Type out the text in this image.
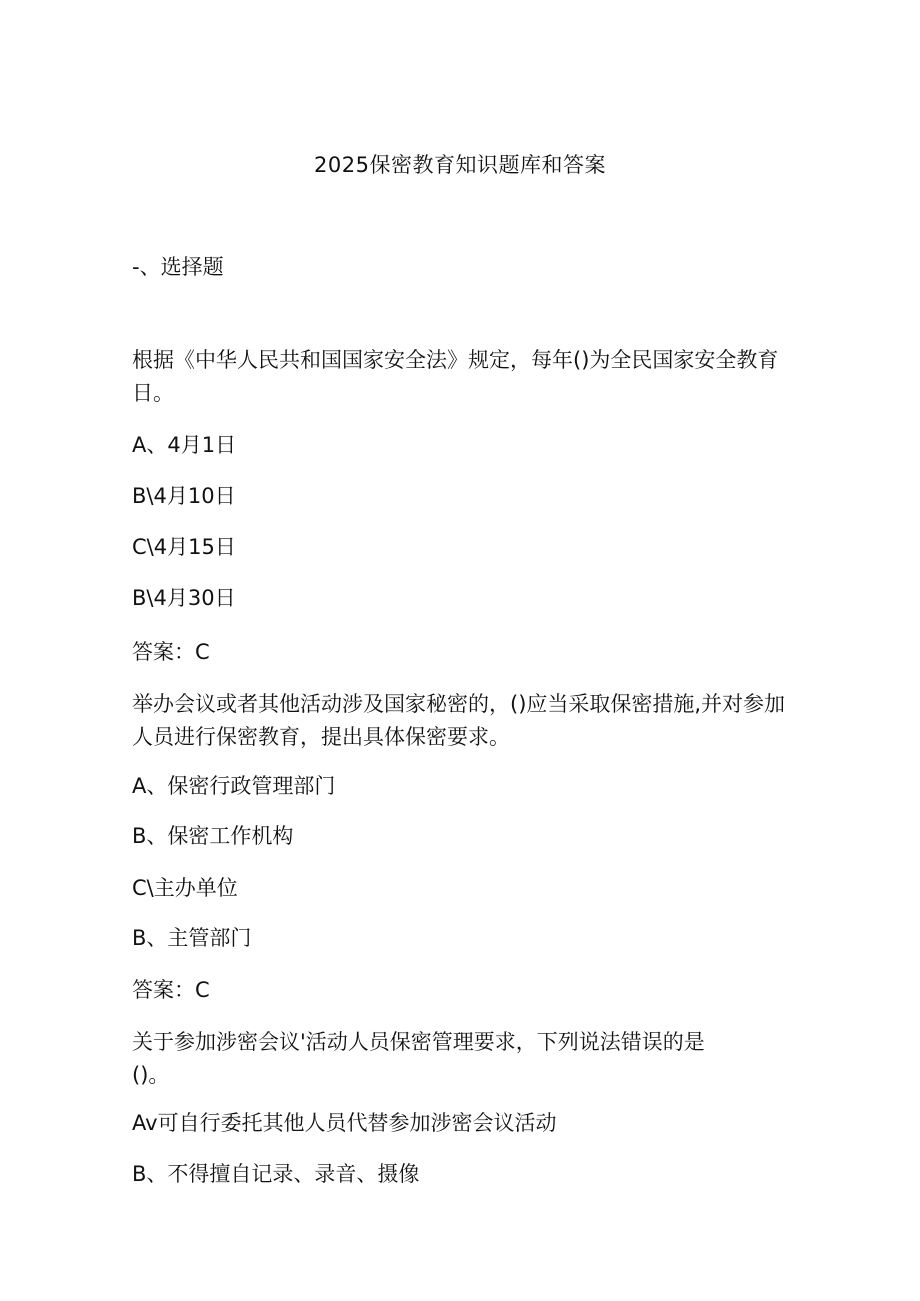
2025保密教育知识题库和答案
-、选择题
根据《中华人民共和国国家安全法》规定，每年()为全民国家安全教育日。
A、4月1日
B\4月10日
C\4月15日
B\4月30日
答案：C
举办会议或者其他活动涉及国家秘密的，()应当采取保密措施,并对参加人员进行保密教育，提出具体保密要求。
A、保密行政管理部门
B、保密工作机构
C\主办单位
B、主管部门
答案：C
关于参加涉密会议'活动人员保密管理要求，下列说法错误的是()。
Av可自行委托其他人员代替参加涉密会议活动
B、不得擅自记录、录音、摄像
